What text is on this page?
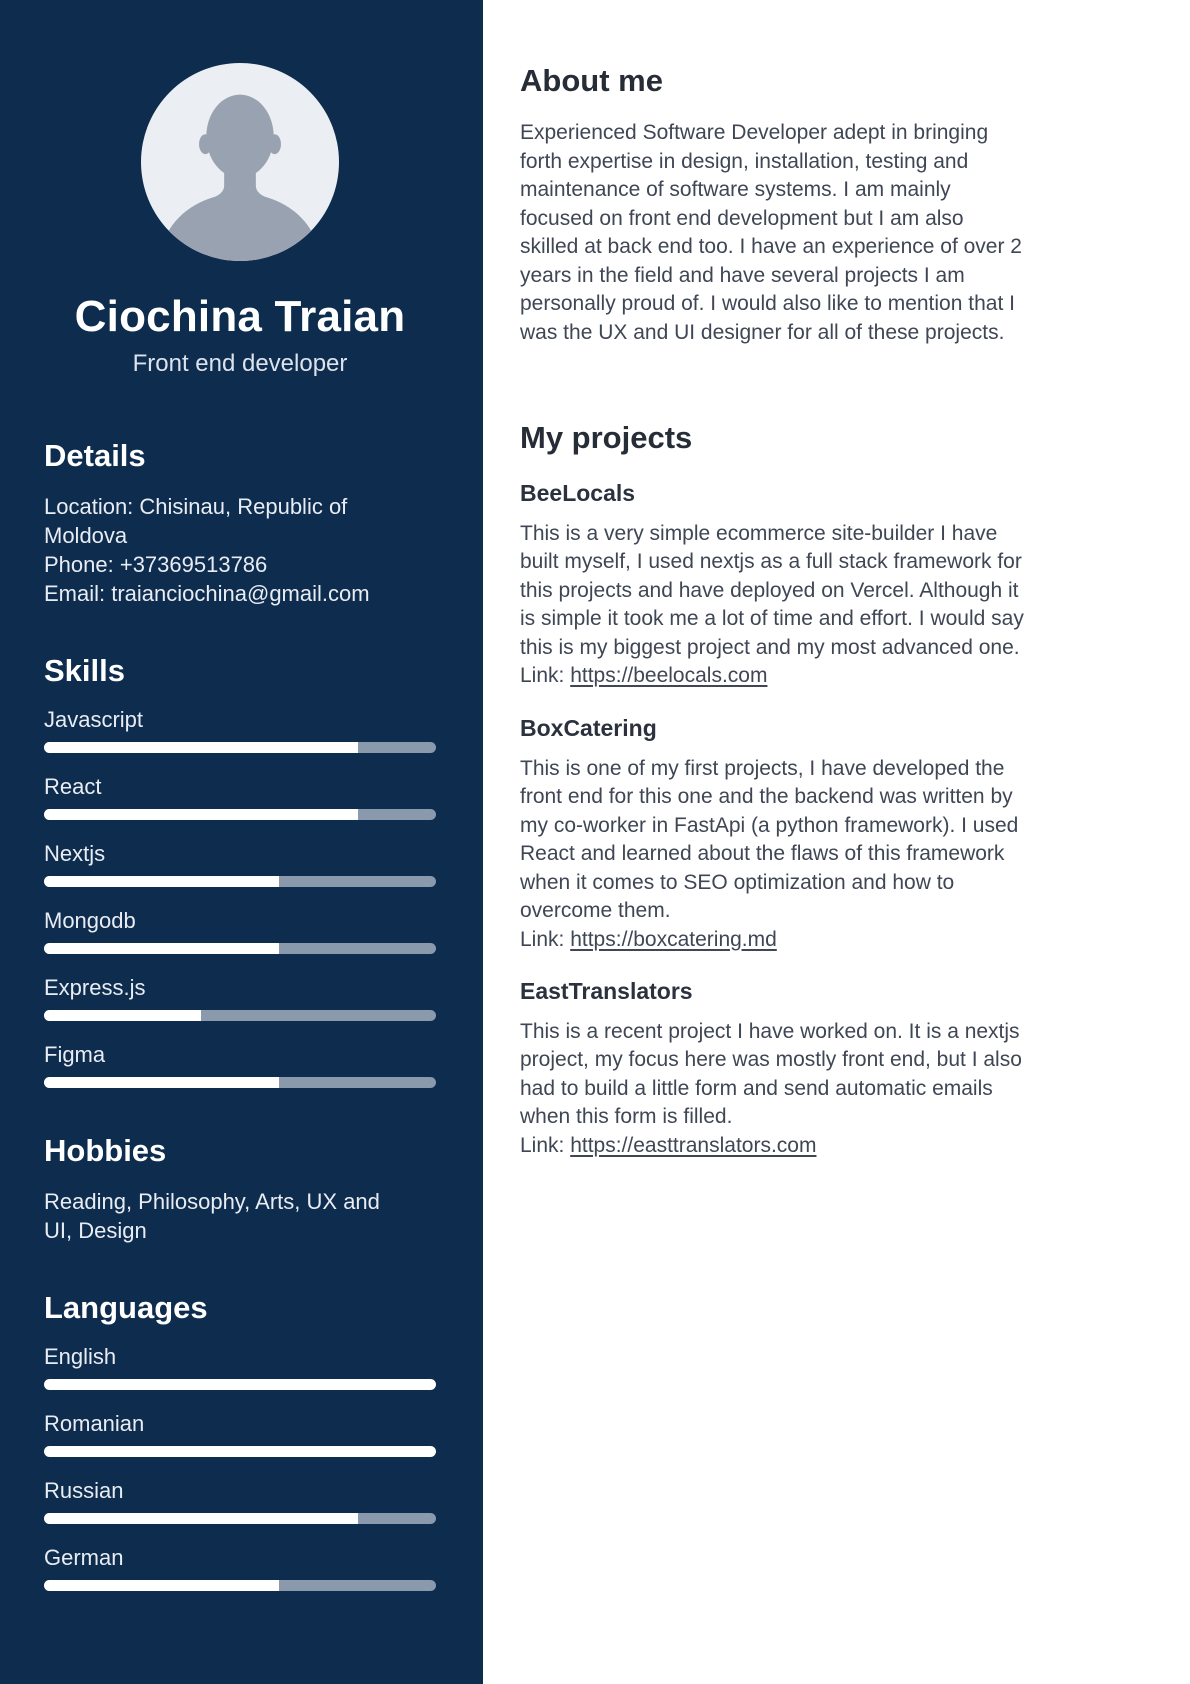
Ciochina Traian

Front end developer

Details

Location: Chisinau, Republic of Moldova

Phone: +37369513786

Email: traianciochina@gmail.com

Skills

Javascript

React

Nextjs

Mongodb

Express.js

Figma

Hobbies

Reading, Philosophy, Arts, UX and UI, Design

Languages

English

Romanian

Russian

German

About me

Experienced Software Developer adept in bringing forth expertise in design, installation, testing and maintenance of software systems. I am mainly focused on front end development but I am also skilled at back end too. I have an experience of over 2 years in the field and have several projects I am personally proud of. I would also like to mention that I was the UX and UI designer for all of these projects.

My projects
BeeLocals

This is a very simple ecommerce site-builder I have built myself, I used nextjs as a full stack framework for this projects and have deployed on Vercel. Although it is simple it took me a lot of time and effort. I would say this is my biggest project and my most advanced one.

Link: https://beelocals.com
BoxCatering

This is one of my first projects, I have developed the front end for this one and the backend was written by my co-worker in FastApi (a python framework). I used React and learned about the flaws of this framework when it comes to SEO optimization and how to overcome them.

Link: https://boxcatering.md
EastTranslators

This is a recent project I have worked on. It is a nextjs project, my focus here was mostly front end, but I also had to build a little form and send automatic emails when this form is filled.

Link: https://easttranslators.com
